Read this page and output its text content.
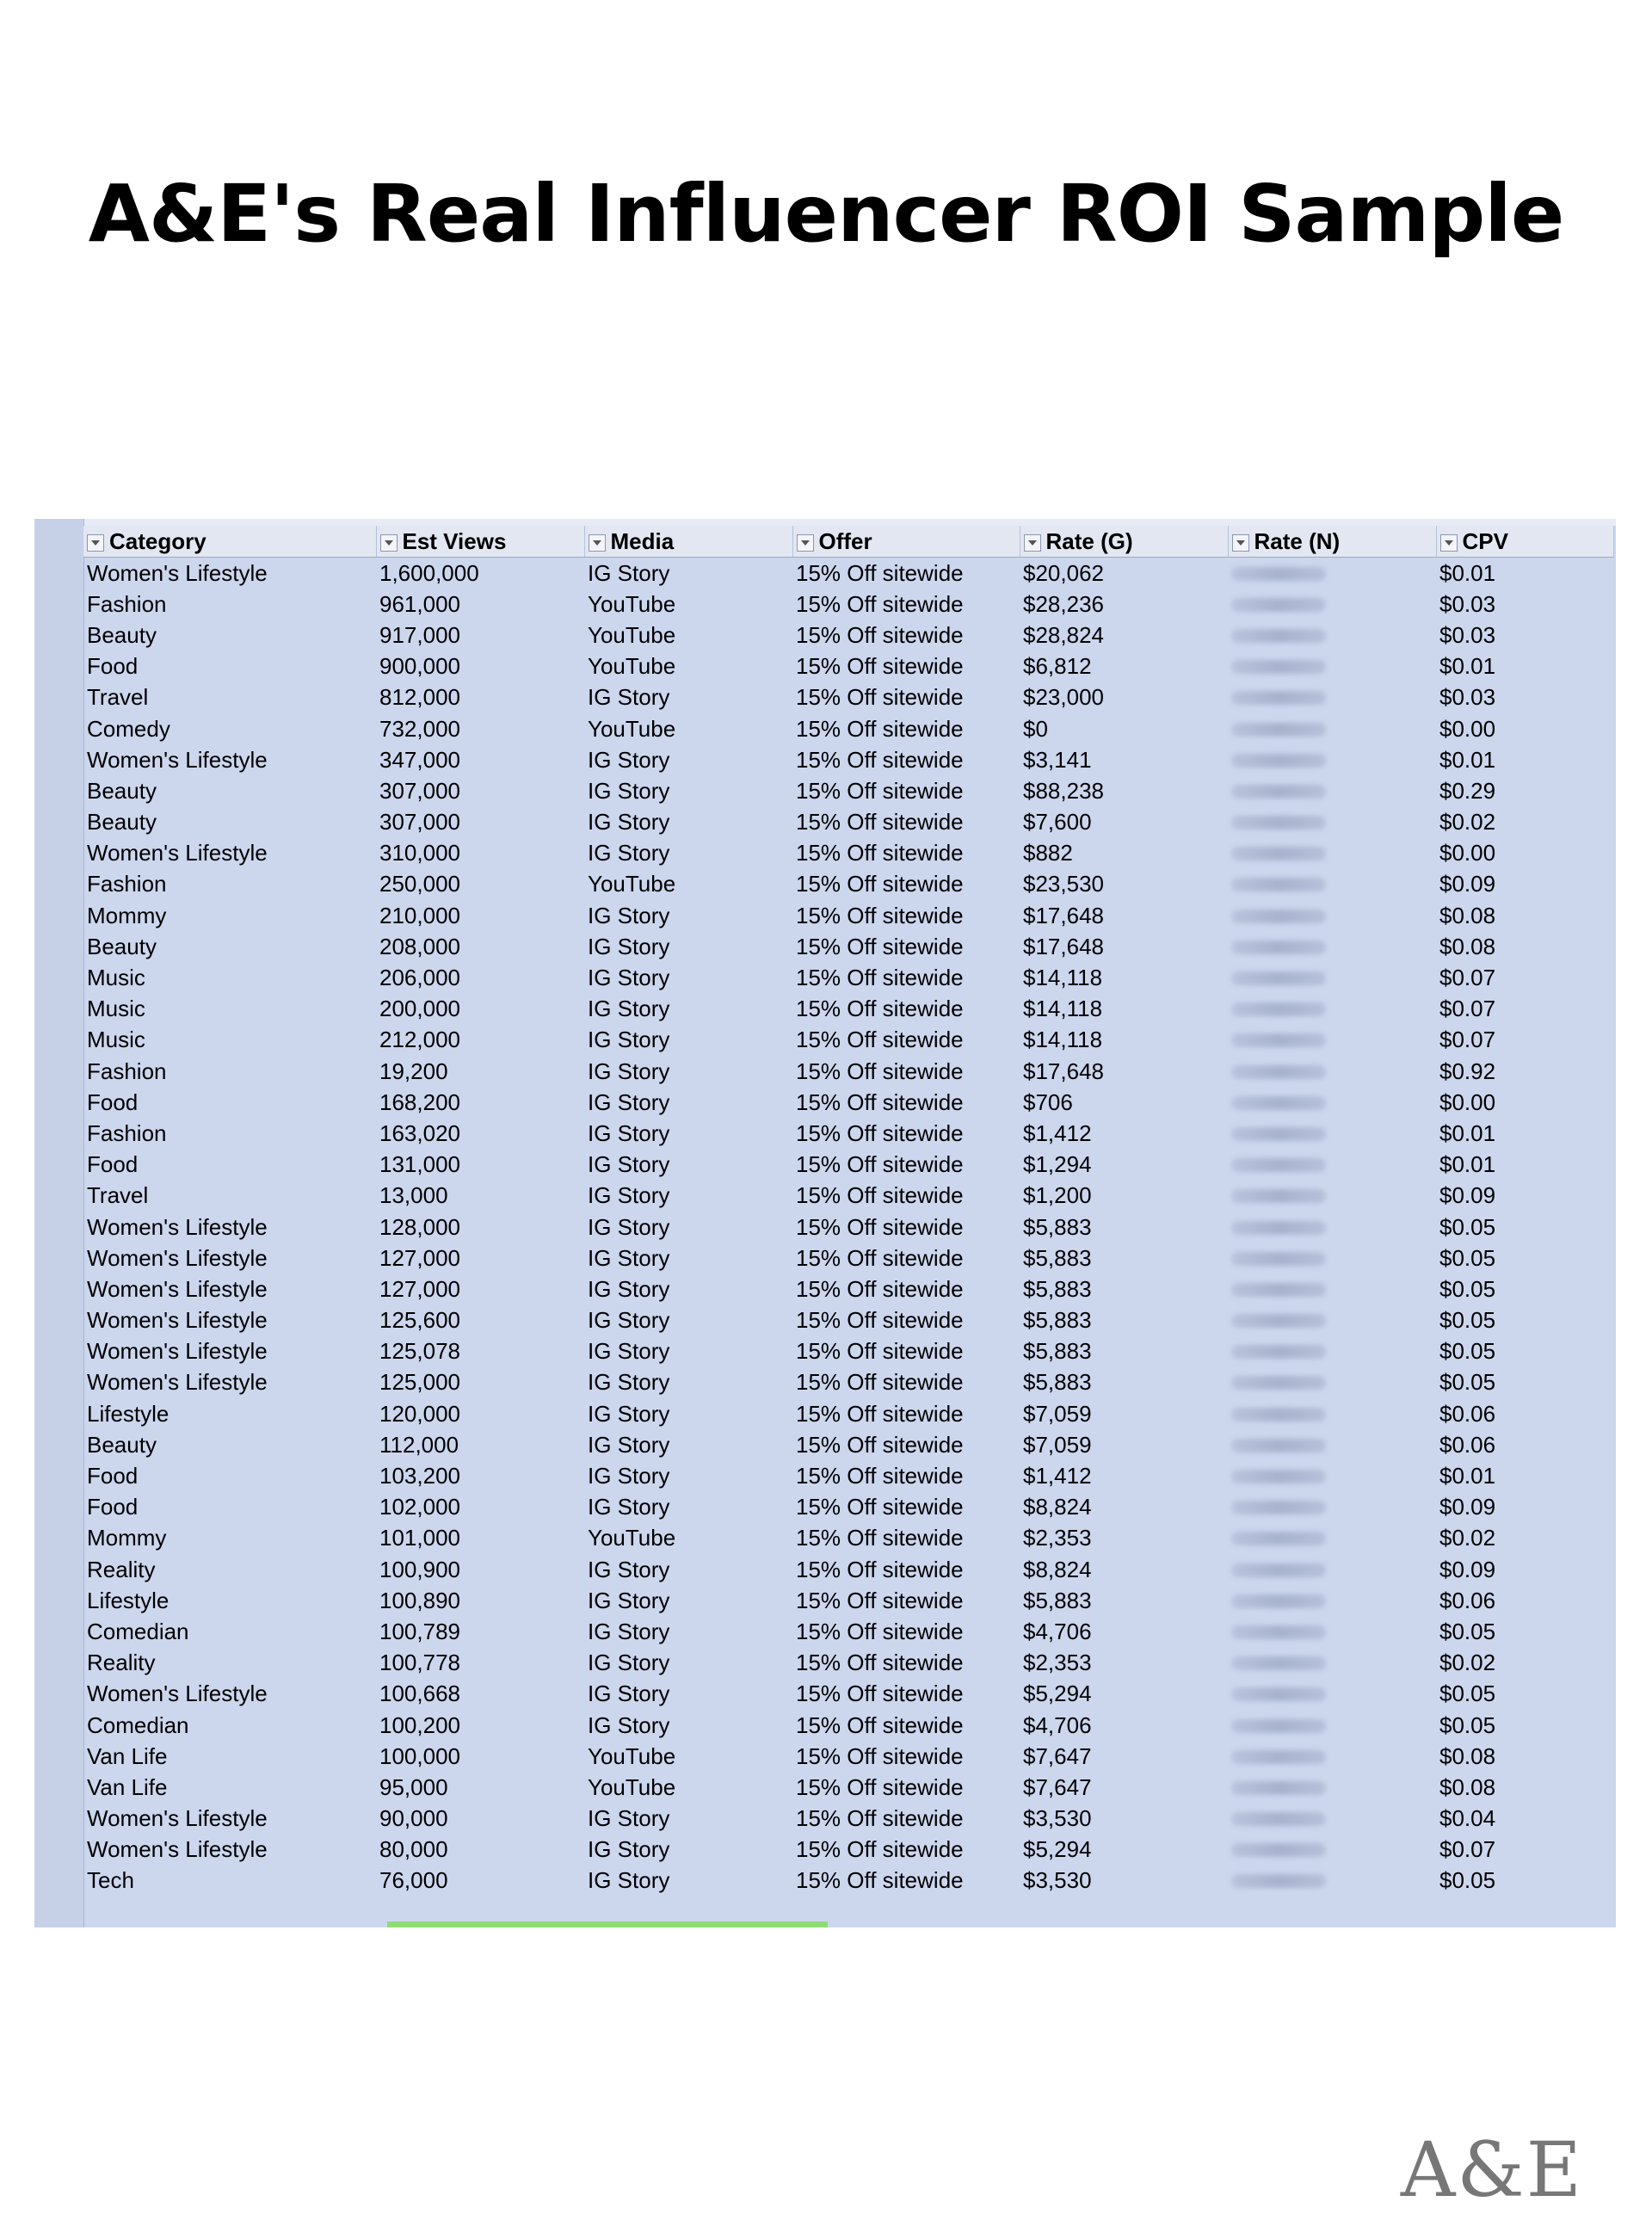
A&E's Real Influencer ROI Sample
Category	Est Views	Media	Offer	Rate (G)	Rate (N)	CPV
Women's Lifestyle	1,600,000	IG Story	15% Off sitewide	$20,062		$0.01
Fashion	961,000	YouTube	15% Off sitewide	$28,236		$0.03
Beauty	917,000	YouTube	15% Off sitewide	$28,824		$0.03
Food	900,000	YouTube	15% Off sitewide	$6,812		$0.01
Travel	812,000	IG Story	15% Off sitewide	$23,000		$0.03
Comedy	732,000	YouTube	15% Off sitewide	$0		$0.00
Women's Lifestyle	347,000	IG Story	15% Off sitewide	$3,141		$0.01
Beauty	307,000	IG Story	15% Off sitewide	$88,238		$0.29
Beauty	307,000	IG Story	15% Off sitewide	$7,600		$0.02
Women's Lifestyle	310,000	IG Story	15% Off sitewide	$882		$0.00
Fashion	250,000	YouTube	15% Off sitewide	$23,530		$0.09
Mommy	210,000	IG Story	15% Off sitewide	$17,648		$0.08
Beauty	208,000	IG Story	15% Off sitewide	$17,648		$0.08
Music	206,000	IG Story	15% Off sitewide	$14,118		$0.07
Music	200,000	IG Story	15% Off sitewide	$14,118		$0.07
Music	212,000	IG Story	15% Off sitewide	$14,118		$0.07
Fashion	19,200	IG Story	15% Off sitewide	$17,648		$0.92
Food	168,200	IG Story	15% Off sitewide	$706		$0.00
Fashion	163,020	IG Story	15% Off sitewide	$1,412		$0.01
Food	131,000	IG Story	15% Off sitewide	$1,294		$0.01
Travel	13,000	IG Story	15% Off sitewide	$1,200		$0.09
Women's Lifestyle	128,000	IG Story	15% Off sitewide	$5,883		$0.05
Women's Lifestyle	127,000	IG Story	15% Off sitewide	$5,883		$0.05
Women's Lifestyle	127,000	IG Story	15% Off sitewide	$5,883		$0.05
Women's Lifestyle	125,600	IG Story	15% Off sitewide	$5,883		$0.05
Women's Lifestyle	125,078	IG Story	15% Off sitewide	$5,883		$0.05
Women's Lifestyle	125,000	IG Story	15% Off sitewide	$5,883		$0.05
Lifestyle	120,000	IG Story	15% Off sitewide	$7,059		$0.06
Beauty	112,000	IG Story	15% Off sitewide	$7,059		$0.06
Food	103,200	IG Story	15% Off sitewide	$1,412		$0.01
Food	102,000	IG Story	15% Off sitewide	$8,824		$0.09
Mommy	101,000	YouTube	15% Off sitewide	$2,353		$0.02
Reality	100,900	IG Story	15% Off sitewide	$8,824		$0.09
Lifestyle	100,890	IG Story	15% Off sitewide	$5,883		$0.06
Comedian	100,789	IG Story	15% Off sitewide	$4,706		$0.05
Reality	100,778	IG Story	15% Off sitewide	$2,353		$0.02
Women's Lifestyle	100,668	IG Story	15% Off sitewide	$5,294		$0.05
Comedian	100,200	IG Story	15% Off sitewide	$4,706		$0.05
Van Life	100,000	YouTube	15% Off sitewide	$7,647		$0.08
Van Life	95,000	YouTube	15% Off sitewide	$7,647		$0.08
Women's Lifestyle	90,000	IG Story	15% Off sitewide	$3,530		$0.04
Women's Lifestyle	80,000	IG Story	15% Off sitewide	$5,294		$0.07
Tech	76,000	IG Story	15% Off sitewide	$3,530		$0.05
A&E
